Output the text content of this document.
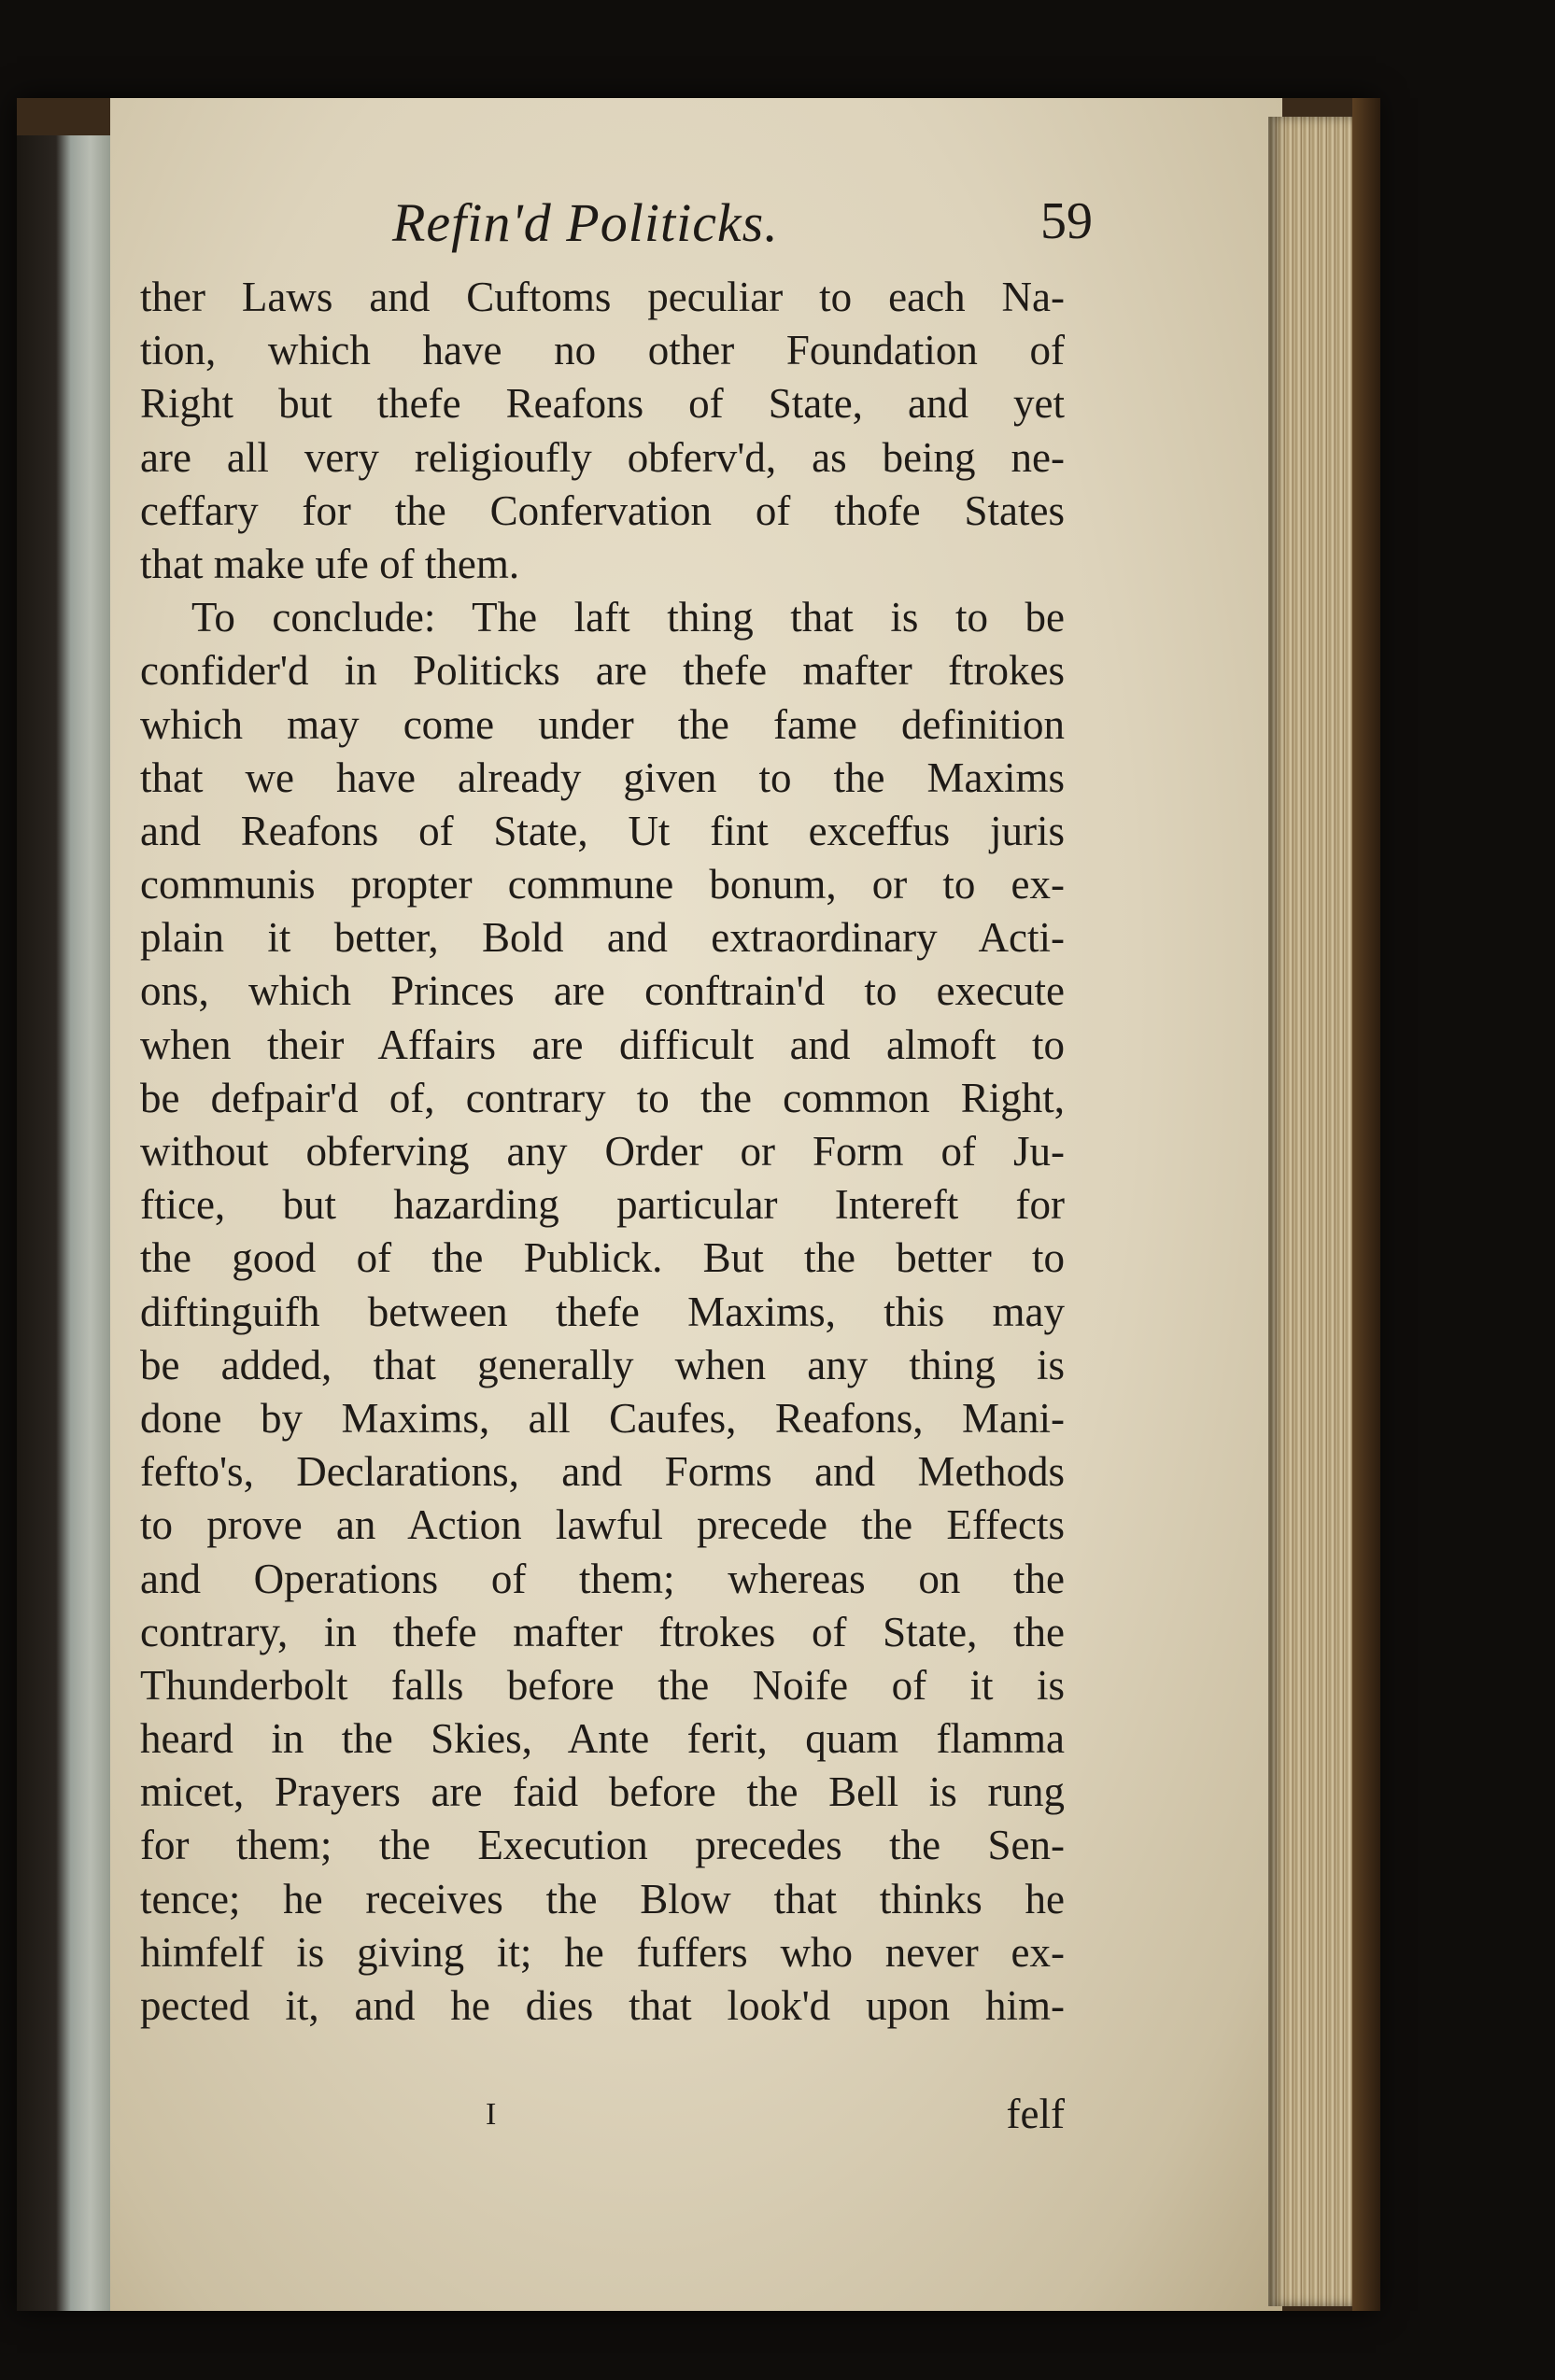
Refin'd Politicks.	59
ther Laws and Cuftoms peculiar to each Na-
tion, which have no other Foundation of
Right but thefe Reafons of State, and yet
are all very religioufly obferv'd, as being ne-
ceffary for the Confervation of thofe States
that make ufe of them.
To conclude: The laft thing that is to be
confider'd in Politicks are thefe mafter ftrokes
which may come under the fame definition
that we have already given to the Maxims
and Reafons of State, Ut fint exceffus juris
communis propter commune bonum, or to ex-
plain it better, Bold and extraordinary Acti-
ons, which Princes are conftrain'd to execute
when their Affairs are difficult and almoft to
be defpair'd of, contrary to the common Right,
without obferving any Order or Form of Ju-
ftice, but hazarding particular Intereft for
the good of the Publick. But the better to
diftinguifh between thefe Maxims, this may
be added, that generally when any thing is
done by Maxims, all Caufes, Reafons, Mani-
fefto's, Declarations, and Forms and Methods
to prove an Action lawful precede the Effects
and Operations of them; whereas on the
contrary, in thefe mafter ftrokes of State, the
Thunderbolt falls before the Noife of it is
heard in the Skies, Ante ferit, quam flamma
micet, Prayers are faid before the Bell is rung
for them; the Execution precedes the Sen-
tence; he receives the Blow that thinks he
himfelf is giving it; he fuffers who never ex-
pected it, and he dies that look'd upon him-
I	felf
